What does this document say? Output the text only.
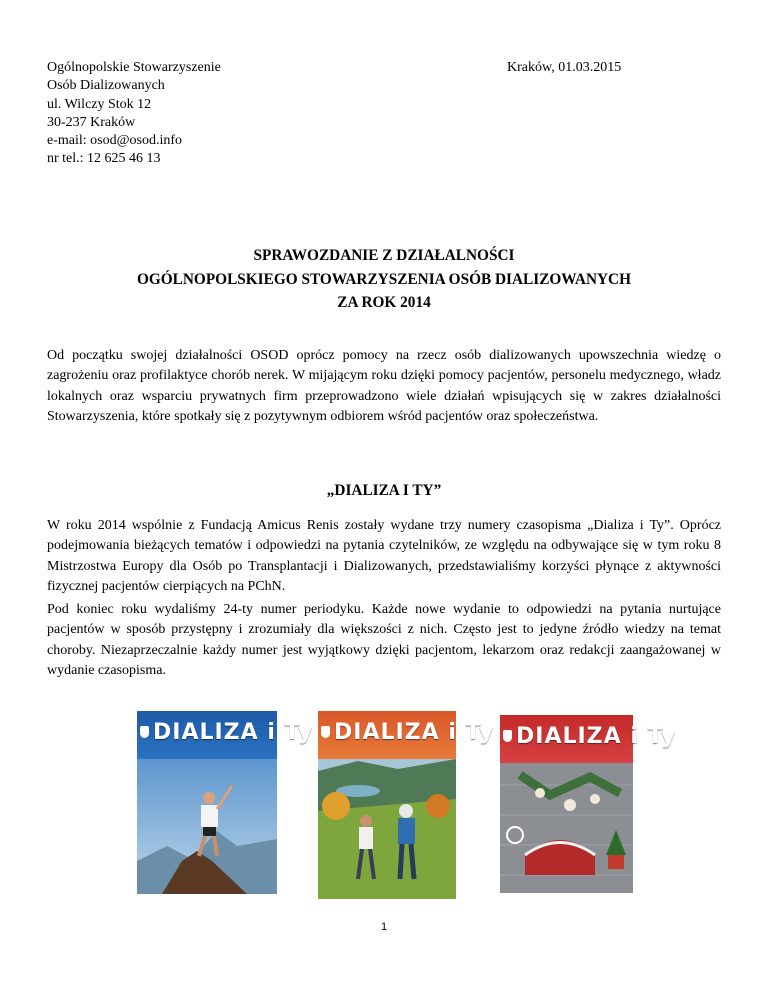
Ogólnopolskie Stowarzyszenie
Osób Dializowanych
ul. Wilczy Stok 12
30-237 Kraków
e-mail: osod@osod.info
nr tel.: 12 625 46 13
Kraków, 01.03.2015
SPRAWOZDANIE Z DZIAŁALNOŚCI
OGÓLNOPOLSKIEGO STOWARZYSZENIA OSÓB DIALIZOWANYCH
ZA ROK 2014
Od początku swojej działalności OSOD oprócz pomocy na rzecz osób dializowanych upowszechnia wiedzę o zagrożeniu oraz profilaktyce chorób nerek. W mijającym roku dzięki pomocy pacjentów, personelu medycznego, władz lokalnych oraz wsparciu prywatnych firm przeprowadzono wiele działań wpisujących się w zakres działalności Stowarzyszenia, które spotkały się z pozytywnym odbiorem wśród pacjentów oraz społeczeństwa.
„DIALIZA I TY”
W roku 2014 wspólnie z Fundacją Amicus Renis zostały wydane trzy numery czasopisma „Dializa i Ty”. Oprócz podejmowania bieżących tematów i odpowiedzi na pytania czytelników, ze względu na odbywające się w tym roku 8 Mistrzostwa Europy dla Osób po Transplantacji i Dializowanych, przedstawialiśmy korzyści płynące z aktywności fizycznej pacjentów cierpiących na PChN.
Pod koniec roku wydaliśmy 24-ty numer periodyku. Każde nowe wydanie to odpowiedzi na pytania nurtujące pacjentów w sposób przystępny i zrozumiały dla większości z nich. Często jest to jedyne źródło wiedzy na temat choroby. Niezaprzeczalnie każdy numer jest wyjątkowy dzięki pacjentom, lekarzom oraz redakcji zaangażowanej w wydanie czasopisma.
DIALIZA i Ty DIALIZA i Ty DIALIZA i Ty
1
